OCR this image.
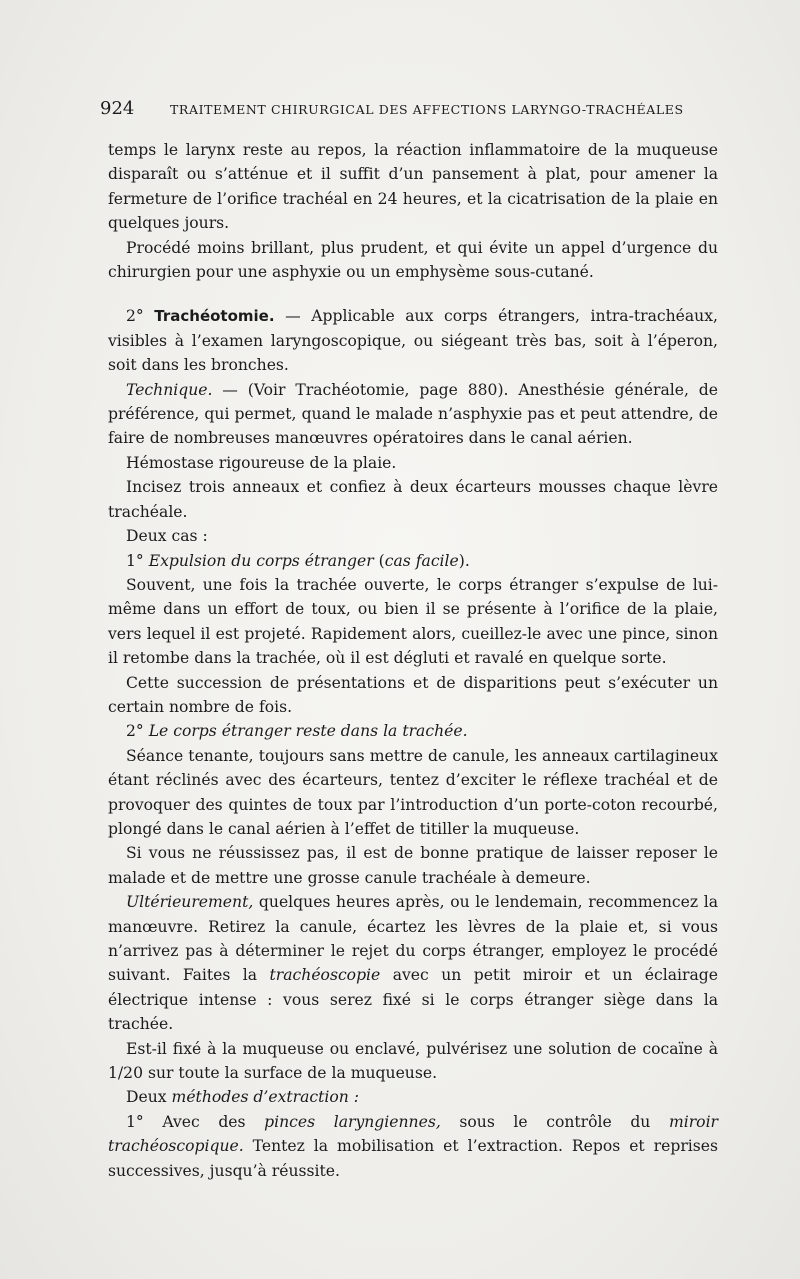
924	TRAITEMENT CHIRURGICAL DES AFFECTIONS LARYNGO-TRACHÉALES

temps le larynx reste au repos, la réaction inflammatoire de la muqueuse disparaît ou s’atténue et il suffit d’un pansement à plat, pour amener la fermeture de l’orifice trachéal en 24 heures, et la cicatrisation de la plaie en quelques jours.

Procédé moins brillant, plus prudent, et qui évite un appel d’urgence du chirurgien pour une asphyxie ou un emphysème sous-cutané.

2° Trachéotomie. — Applicable aux corps étrangers, intra-trachéaux, visibles à l’examen laryngoscopique, ou siégeant très bas, soit à l’éperon, soit dans les bronches.

Technique. — (Voir Trachéotomie, page 880). Anesthésie générale, de préférence, qui permet, quand le malade n’asphyxie pas et peut attendre, de faire de nombreuses manœuvres opératoires dans le canal aérien.

Hémostase rigoureuse de la plaie.

Incisez trois anneaux et confiez à deux écarteurs mousses chaque lèvre trachéale.

Deux cas :

1° Expulsion du corps étranger (cas facile).

Souvent, une fois la trachée ouverte, le corps étranger s’expulse de lui-même dans un effort de toux, ou bien il se présente à l’orifice de la plaie, vers lequel il est projeté. Rapidement alors, cueillez-le avec une pince, sinon il retombe dans la trachée, où il est dégluti et ravalé en quelque sorte.

Cette succession de présentations et de disparitions peut s’exécuter un certain nombre de fois.

2° Le corps étranger reste dans la trachée.

Séance tenante, toujours sans mettre de canule, les anneaux cartilagineux étant réclinés avec des écarteurs, tentez d’exciter le réflexe trachéal et de provoquer des quintes de toux par l’introduction d’un porte-coton recourbé, plongé dans le canal aérien à l’effet de titiller la muqueuse.

Si vous ne réussissez pas, il est de bonne pratique de laisser reposer le malade et de mettre une grosse canule trachéale à demeure.

Ultérieurement, quelques heures après, ou le lendemain, recommencez la manœuvre. Retirez la canule, écartez les lèvres de la plaie et, si vous n’arrivez pas à déterminer le rejet du corps étranger, employez le procédé suivant. Faites la trachéoscopie avec un petit miroir et un éclairage électrique intense : vous serez fixé si le corps étranger siège dans la trachée.

Est-il fixé à la muqueuse ou enclavé, pulvérisez une solution de cocaïne à 1/20 sur toute la surface de la muqueuse.

Deux méthodes d’extraction :

1° Avec des pinces laryngiennes, sous le contrôle du miroir trachéoscopique. Tentez la mobilisation et l’extraction. Repos et reprises successives, jusqu’à réussite.
